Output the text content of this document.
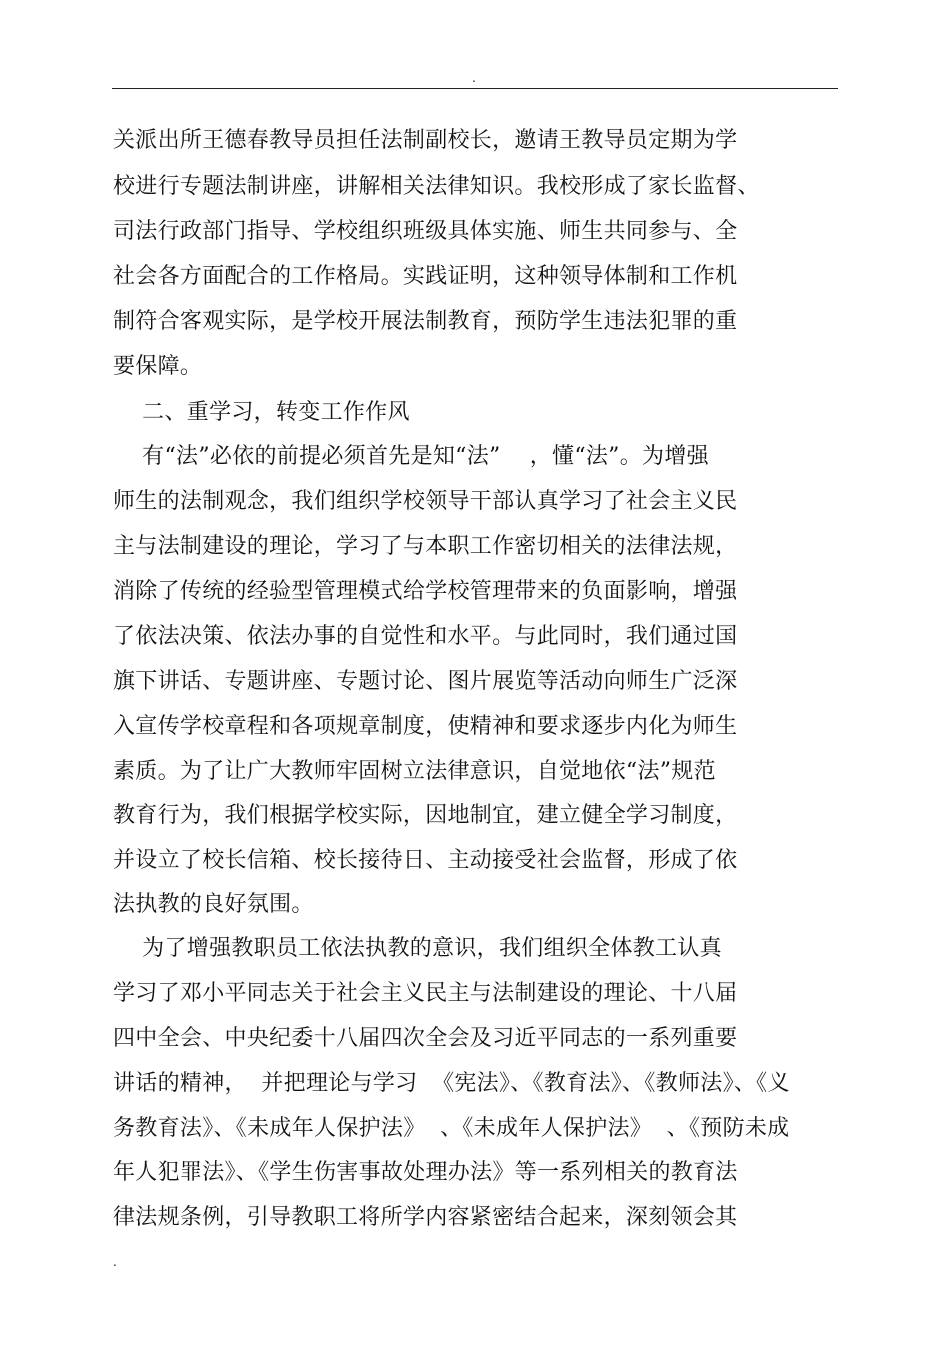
.
关派出所王德春教导员担任法制副校长，邀请王教导员定期为学
校进行专题法制讲座，讲解相关法律知识。我校形成了家长监督、
司法行政部门指导、学校组织班级具体实施、师生共同参与、全
社会各方面配合的工作格局。实践证明，这种领导体制和工作机
制符合客观实际，是学校开展法制教育，预防学生违法犯罪的重
要保障。
二、重学习，转变工作作风
有“法”必依的前提必须首先是知“法”    ，懂“法”。为增强
师生的法制观念，我们组织学校领导干部认真学习了社会主义民
主与法制建设的理论，学习了与本职工作密切相关的法律法规，
消除了传统的经验型管理模式给学校管理带来的负面影响，增强
了依法决策、依法办事的自觉性和水平。与此同时，我们通过国
旗下讲话、专题讲座、专题讨论、图片展览等活动向师生广泛深
入宣传学校章程和各项规章制度，使精神和要求逐步内化为师生
素质。为了让广大教师牢固树立法律意识，自觉地依“法”规范
教育行为，我们根据学校实际，因地制宜，建立健全学习制度，
并设立了校长信箱、校长接待日、主动接受社会监督，形成了依
法执教的良好氛围。
为了增强教职员工依法执教的意识，我们组织全体教工认真
学习了邓小平同志关于社会主义民主与法制建设的理论、十八届
四中全会、中央纪委十八届四次全会及习近平同志的一系列重要
讲话的精神，  并把理论与学习  《宪法》、《教育法》、《教师法》、《义
务教育法》、《未成年人保护法》  、《未成年人保护法》  、《预防未成
年人犯罪法》、《学生伤害事故处理办法》等一系列相关的教育法
律法规条例，引导教职工将所学内容紧密结合起来，深刻领会其
.
